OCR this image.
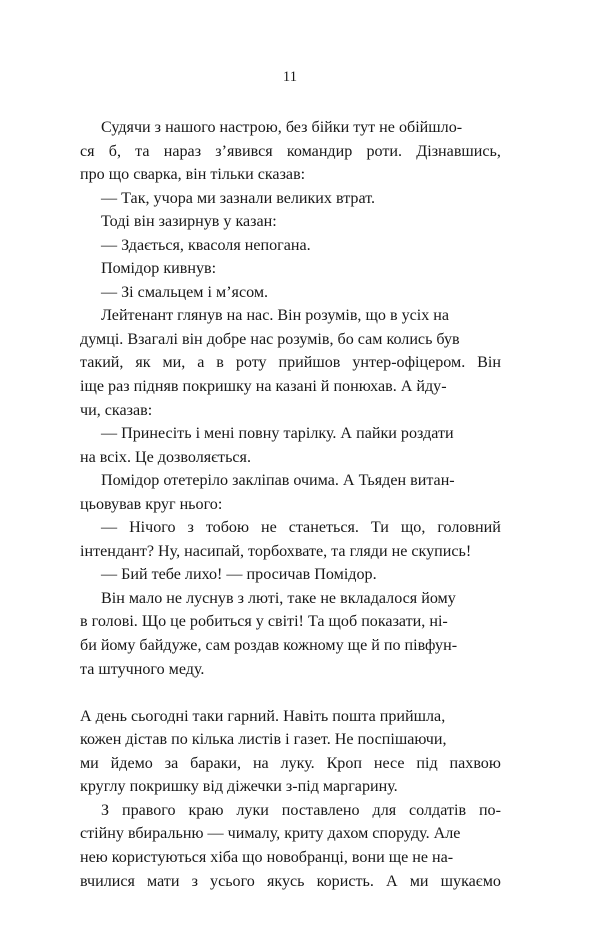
11

Судячи з нашого настрою, без бійки тут не обійшло-
ся б, та нараз з’явився командир роти. Дізнавшись,
про що сварка, він тільки сказав:

— Так, учора ми зазнали великих втрат.

Тоді він зазирнув у казан:

— Здається, квасоля непогана.

Помідор кивнув:

— Зі смальцем і м’ясом.

Лейтенант глянув на нас. Він розумів, що в усіх на
думці. Взагалі він добре нас розумів, бо сам колись був
такий, як ми, а в роту прийшов унтер-офіцером. Він
іще раз підняв покришку на казані й понюхав. А йду-
чи, сказав:

— Принесіть і мені повну тарілку. А пайки роздати
на всіх. Це дозволяється.

Помідор отетеріло закліпав очима. А Тьяден витан-
цьовував круг нього:

— Нічого з тобою не станеться. Ти що, головний
інтендант? Ну, насипай, торбохвате, та гляди не скупись!

— Бий тебе лихо! — просичав Помідор.

Він мало не луснув з люті, таке не вкладалося йому
в голові. Що це робиться у світі! Та щоб показати, ні-
би йому байдуже, сам роздав кожному ще й по півфун-
та штучного меду.

А день сьогодні таки гарний. Навіть пошта прийшла,
кожен дістав по кілька листів і газет. Не поспішаючи,
ми йдемо за бараки, на луку. Кроп несе під пахвою
круглу покришку від діжечки з-під маргарину.

З правого краю луки поставлено для солдатів по-
стійну вбиральню — чималу, криту дахом споруду. Але
нею користуються хіба що новобранці, вони ще не на-
вчилися мати з усього якусь користь. А ми шукаємо
